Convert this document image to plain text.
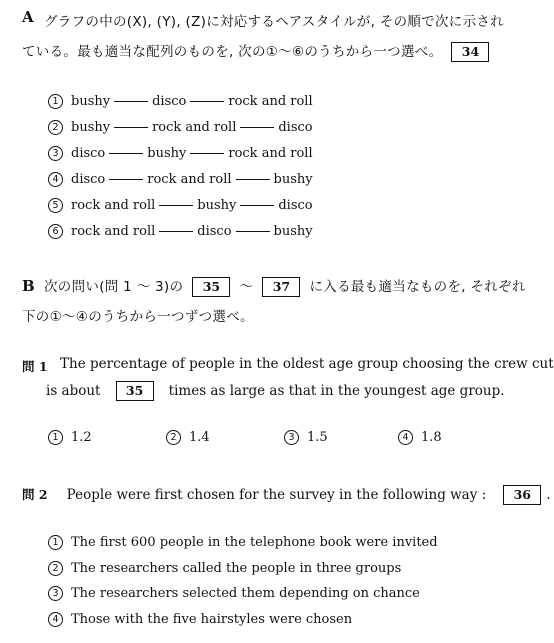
A グラフの中の(X), (Y), (Z)に対応するヘアスタイルが, その順で次に示され
ている。最も適当な配列のものを, 次の①～⑥のうちから一つ選べ。 34
1 bushy	disco	rock and roll
2 bushy	rock and roll	disco
3 disco	bushy	rock and roll
4 disco	rock and roll	bushy
5 rock and roll	bushy	disco
6 rock and roll	disco	bushy
B 次の問い(問 1 ～ 3)の 35 ～ 37 に入る最も適当なものを, それぞれ
下の①～④のうちから一つずつ選べ。
問 1 The percentage of people in the oldest age group choosing the crew cut
is about 35 times as large as that in the youngest age group.
1 1.2	2 1.4	3 1.5	4 1.8
問 2 People were first chosen for the survey in the following way : 36 .
1 The first 600 people in the telephone book were invited
2 The researchers called the people in three groups
3 The researchers selected them depending on chance
4 Those with the five hairstyles were chosen
